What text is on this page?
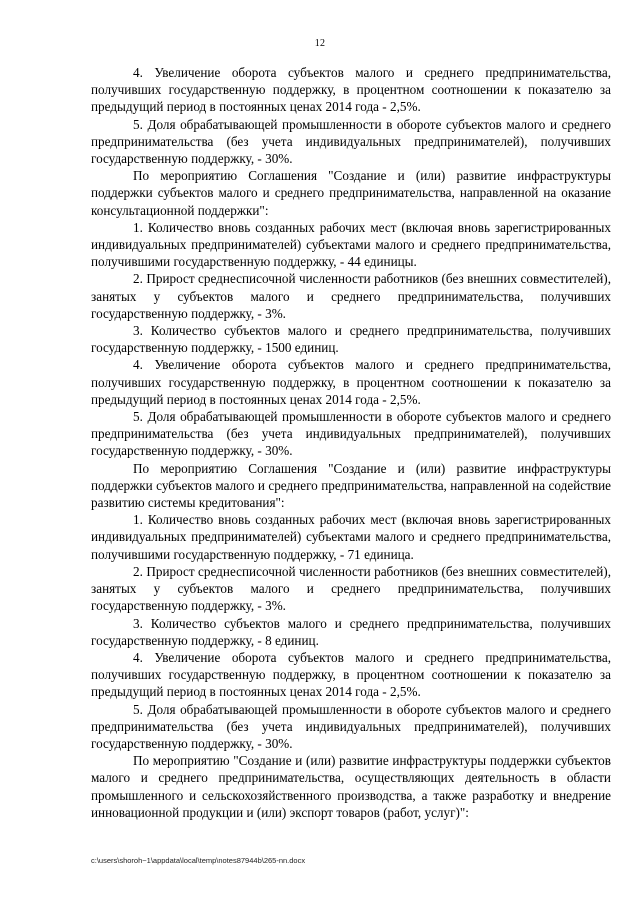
12

4. Увеличение оборота субъектов малого и среднего предпринимательства, получивших государственную поддержку, в процентном соотношении к показателю за предыдущий период в постоянных ценах 2014 года - 2,5%.

5. Доля обрабатывающей промышленности в обороте субъектов малого и среднего предпринимательства (без учета индивидуальных предпринимателей), получивших государственную поддержку, - 30%.

По мероприятию Соглашения "Создание и (или) развитие инфраструктуры поддержки субъектов малого и среднего предпринимательства, направленной на оказание консультационной поддержки":

1. Количество вновь созданных рабочих мест (включая вновь зарегистрированных индивидуальных предпринимателей) субъектами малого и среднего предпринимательства, получившими государственную поддержку, - 44 единицы.

2. Прирост среднесписочной численности работников (без внешних совместителей), занятых у субъектов малого и среднего предпринимательства, получивших государственную поддержку, - 3%.

3. Количество субъектов малого и среднего предпринимательства, получивших государственную поддержку, - 1500 единиц.

4. Увеличение оборота субъектов малого и среднего предпринимательства, получивших государственную поддержку, в процентном соотношении к показателю за предыдущий период в постоянных ценах 2014 года - 2,5%.

5. Доля обрабатывающей промышленности в обороте субъектов малого и среднего предпринимательства (без учета индивидуальных предпринимателей), получивших государственную поддержку, - 30%.

По мероприятию Соглашения "Создание и (или) развитие инфраструктуры поддержки субъектов малого и среднего предпринимательства, направленной на содействие развитию системы кредитования":

1. Количество вновь созданных рабочих мест (включая вновь зарегистрированных индивидуальных предпринимателей) субъектами малого и среднего предпринимательства, получившими государственную поддержку, - 71 единица.

2. Прирост среднесписочной численности работников (без внешних совместителей), занятых у субъектов малого и среднего предпринимательства, получивших государственную поддержку, - 3%.

3. Количество субъектов малого и среднего предпринимательства, получивших государственную поддержку, - 8 единиц.

4. Увеличение оборота субъектов малого и среднего предпринимательства, получивших государственную поддержку, в процентном соотношении к показателю за предыдущий период в постоянных ценах 2014 года - 2,5%.

5. Доля обрабатывающей промышленности в обороте субъектов малого и среднего предпринимательства (без учета индивидуальных предпринимателей), получивших государственную поддержку, - 30%.

По мероприятию "Создание и (или) развитие инфраструктуры поддержки субъектов малого и среднего предпринимательства, осуществляющих деятельность в области промышленного и сельскохозяйственного производства, а также разработку и внедрение инновационной продукции и (или) экспорт товаров (работ, услуг)":

c:\users\shoroh~1\appdata\local\temp\notes87944b\265-nn.docx
